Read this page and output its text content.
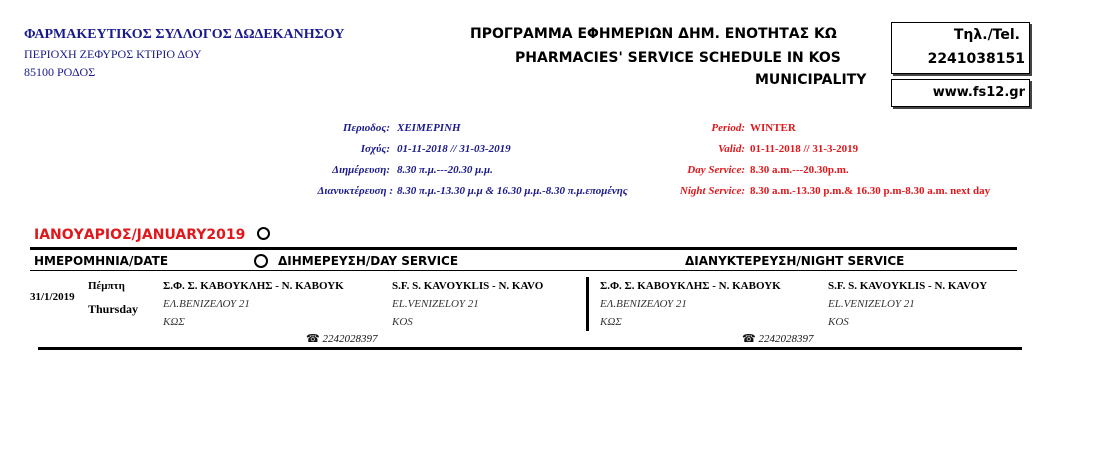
ΦΑΡΜΑΚΕΥΤΙΚΟΣ ΣΥΛΛΟΓΟΣ ΔΩΔΕΚΑΝΗΣΟΥ
ΠΕΡΙΟΧΗ ΖΕΦΥΡΟΣ ΚΤΙΡΙΟ ΔΟΥ
85100 ΡΟΔΟΣ
ΠΡΟΓΡΑΜΜΑ ΕΦΗΜΕΡΙΩΝ ΔΗΜ. ΕΝΟΤΗΤΑΣ ΚΩ
PHARMACIES' SERVICE SCHEDULE IN KOS
MUNICIPALITY
Τηλ./Tel.
2241038151
www.fs12.gr
Περιοδος: ΧΕΙΜΕΡΙΝΗ
Ισχύς: 01-11-2018 // 31-03-2019
Διημέρευση: 8.30 π.μ.---20.30 μ.μ.
Διανυκτέρευση : 8.30 π.μ.-13.30 μ.μ & 16.30 μ.μ.-8.30 π.μ.επομένης
Period: WINTER
Valid: 01-11-2018 // 31-3-2019
Day Service: 8.30 a.m.---20.30p.m.
Night Service: 8.30 a.m.-13.30 p.m.& 16.30 p.m-8.30 a.m. next day
ΙΑΝΟΥΑΡΙΟΣ/JANUARY2019
ΗΜΕΡΟΜΗΝΙΑ/DATE	ΔΙΗΜΕΡΕΥΣΗ/DAY SERVICE	ΔΙΑΝΥΚΤΕΡΕΥΣΗ/NIGHT SERVICE
31/1/2019
Πέμπτη
Thursday
Σ.Φ. Σ. ΚΑΒΟΥΚΛΗΣ - Ν. ΚΑΒΟΥΚ
ΕΛ.ΒΕΝΙΖΕΛΟΥ 21
ΚΩΣ
S.F. S. KAVOYKLIS - N. KAVO
EL.VENIZELOY 21
KOS
☎ 2242028397
Σ.Φ. Σ. ΚΑΒΟΥΚΛΗΣ - Ν. ΚΑΒΟΥΚ
ΕΛ.ΒΕΝΙΖΕΛΟΥ 21
ΚΩΣ
S.F. S. KAVOYKLIS - N. KAVOY
EL.VENIZELOY 21
KOS
☎ 2242028397
